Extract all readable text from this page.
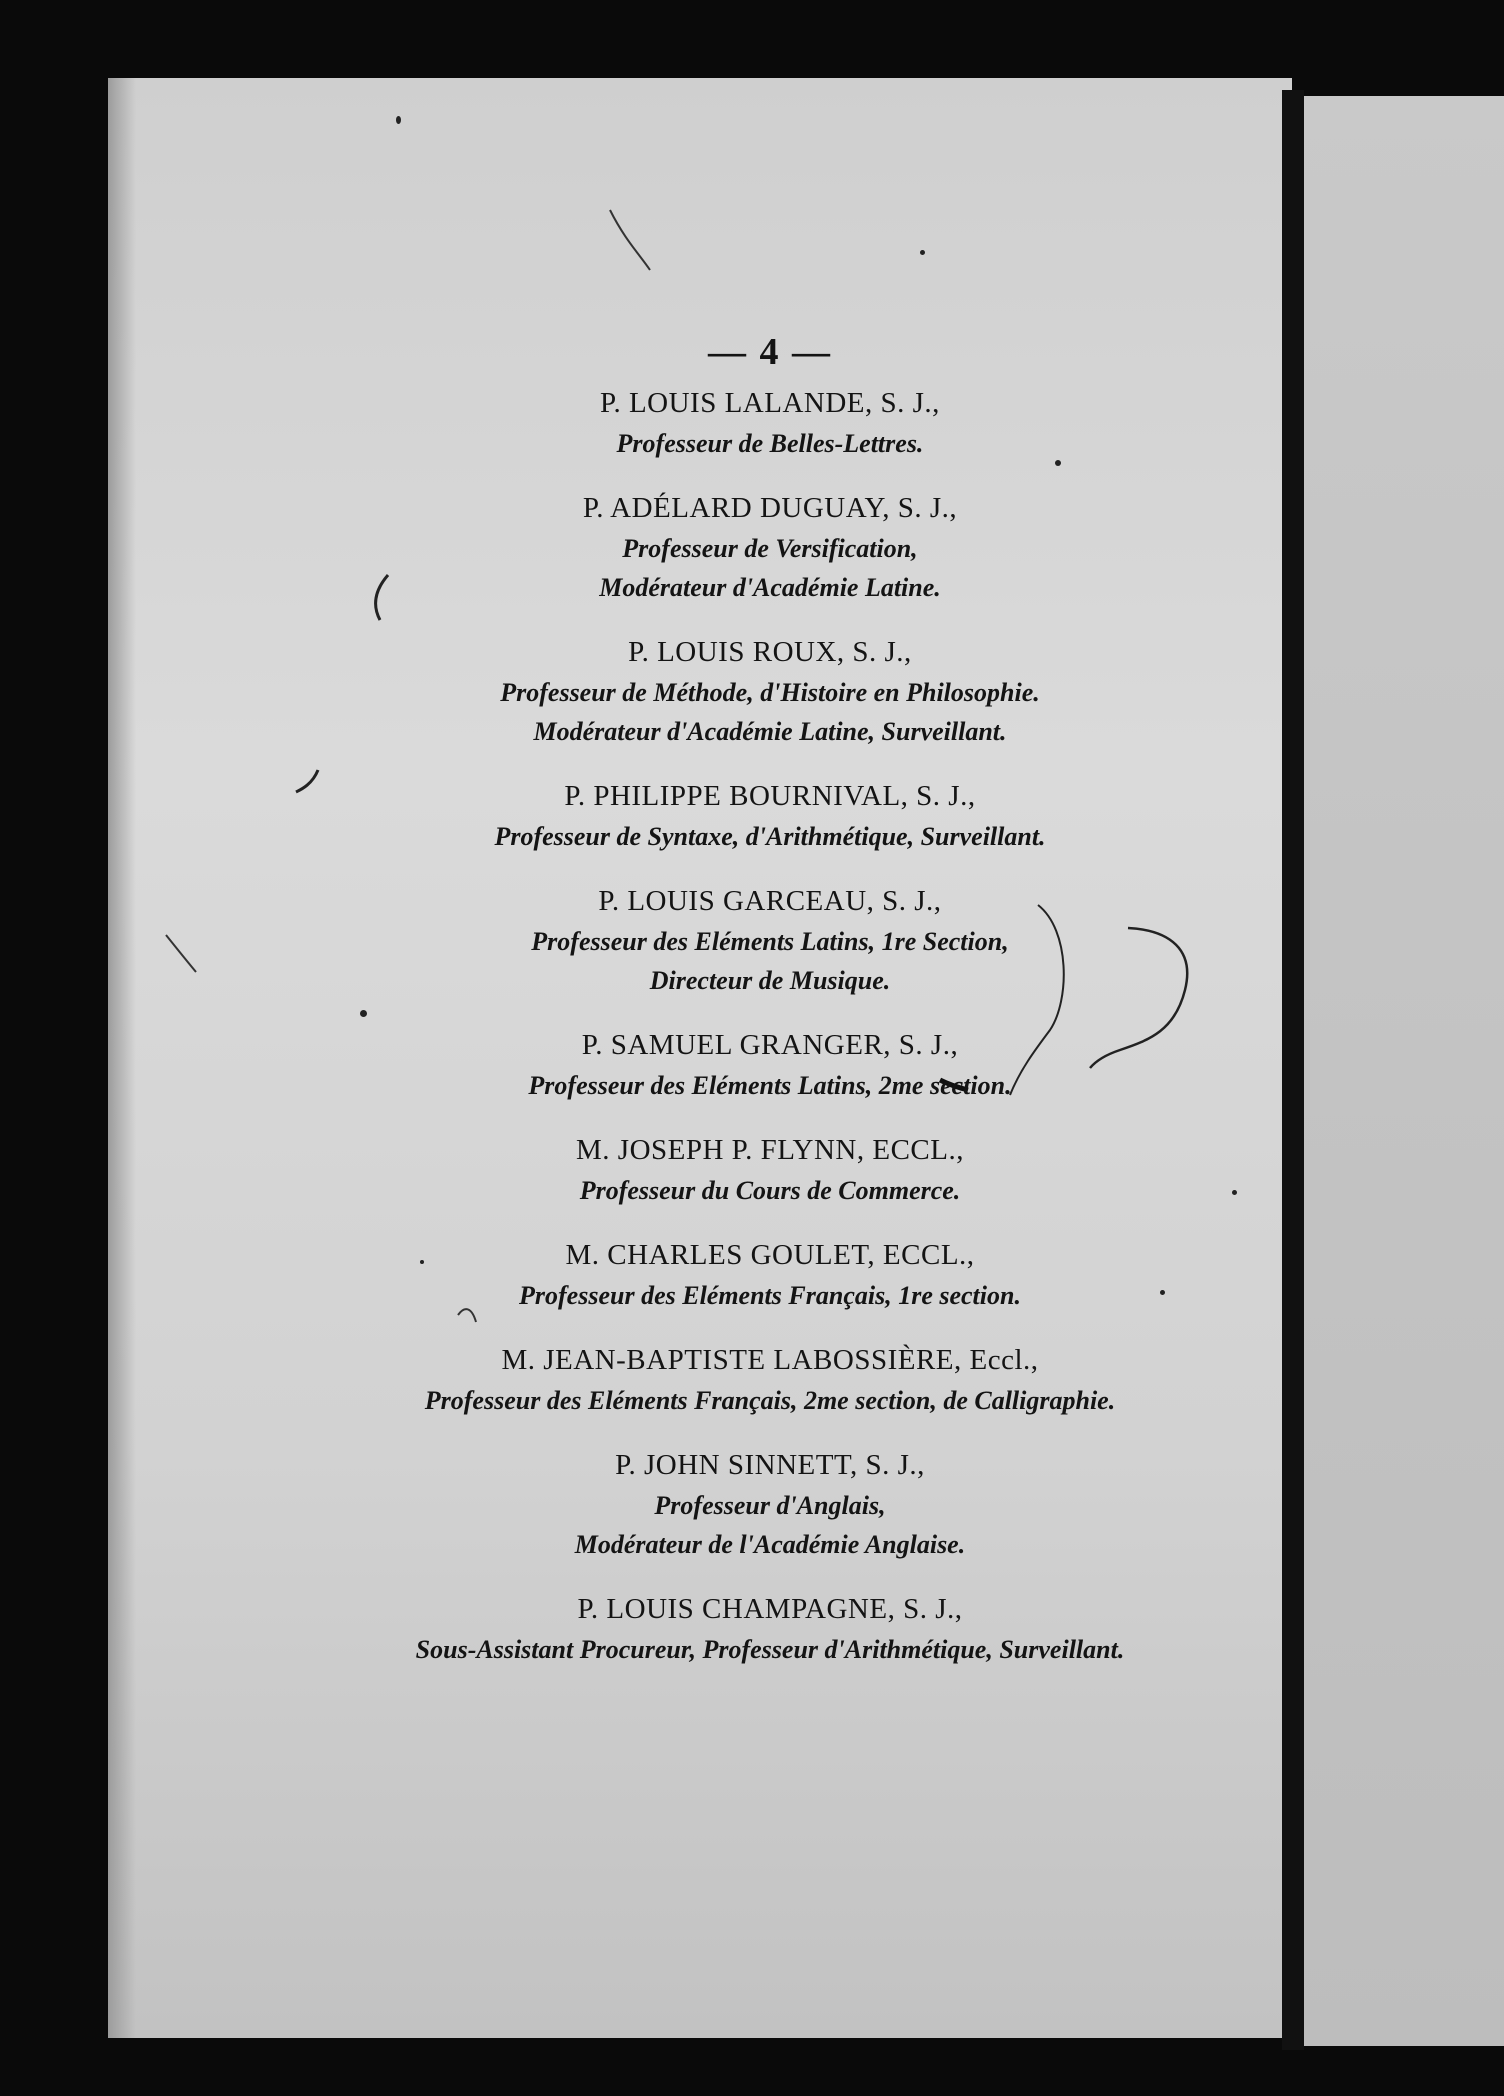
— 4 —
P. LOUIS LALANDE, S. J.,
Professeur de Belles-Lettres.
P. ADÉLARD DUGUAY, S. J.,
Professeur de Versification,
Modérateur d'Académie Latine.
P. LOUIS ROUX, S. J.,
Professeur de Méthode, d'Histoire en Philosophie.
Modérateur d'Académie Latine, Surveillant.
P. PHILIPPE BOURNIVAL, S. J.,
Professeur de Syntaxe, d'Arithmétique, Surveillant.
P. LOUIS GARCEAU, S. J.,
Professeur des Eléments Latins, 1re Section,
Directeur de Musique.
P. SAMUEL GRANGER, S. J.,
Professeur des Eléments Latins, 2me section.
M. JOSEPH P. FLYNN, ECCL.,
Professeur du Cours de Commerce.
M. CHARLES GOULET, ECCL.,
Professeur des Eléments Français, 1re section.
M. JEAN-BAPTISTE LABOSSIÈRE, Eccl.,
Professeur des Eléments Français, 2me section, de Calligraphie.
P. JOHN SINNETT, S. J.,
Professeur d'Anglais,
Modérateur de l'Académie Anglaise.
P. LOUIS CHAMPAGNE, S. J.,
Sous-Assistant Procureur, Professeur d'Arithmétique, Surveillant.
